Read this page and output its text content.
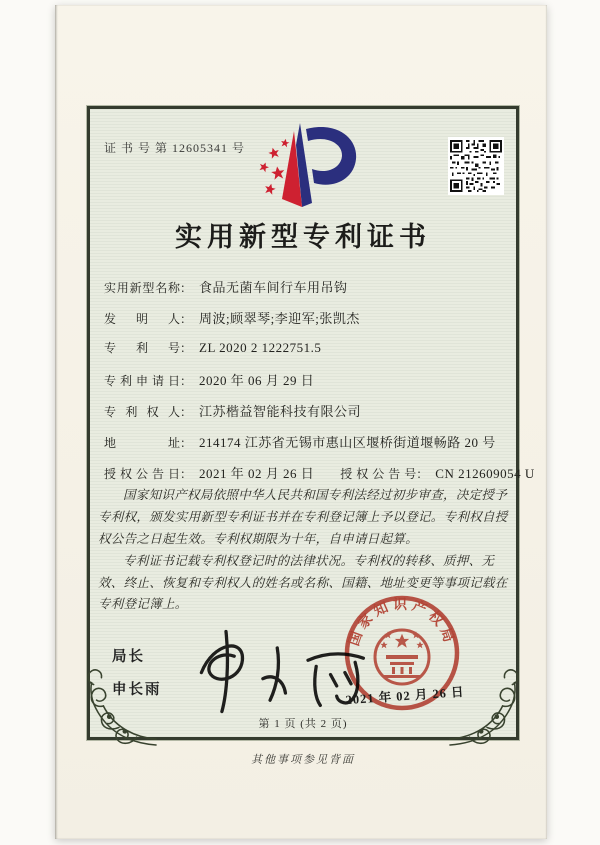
证 书 号 第 12605341 号
实用新型专利证书
实用新型名称： 食品无菌车间行车用吊钩
发明人： 周波;顾翠琴;李迎军;张凯杰
专利号： ZL 2020 2 1222751.5
专利申请日： 2020 年 06 月 29 日
专利权人： 江苏楷益智能科技有限公司
地址： 214174 江苏省无锡市惠山区堰桥街道堰畅路 20 号
授权公告日： 2021 年 02 月 26 日 授权公告号： CN 212609054 U

国家知识产权局依照中华人民共和国专利法经过初步审查，决定授予专利权，颁发实用新型专利证书并在专利登记簿上予以登记。专利权自授权公告之日起生效。专利权期限为十年，自申请日起算。

专利证书记载专利权登记时的法律状况。专利权的转移、质押、无效、终止、恢复和专利权人的姓名或名称、国籍、地址变更等事项记载在专利登记簿上。

局长
申长雨
国家知识产权局
2021 年 02 月 26 日
第 1 页 (共 2 页)
其他事项参见背面
